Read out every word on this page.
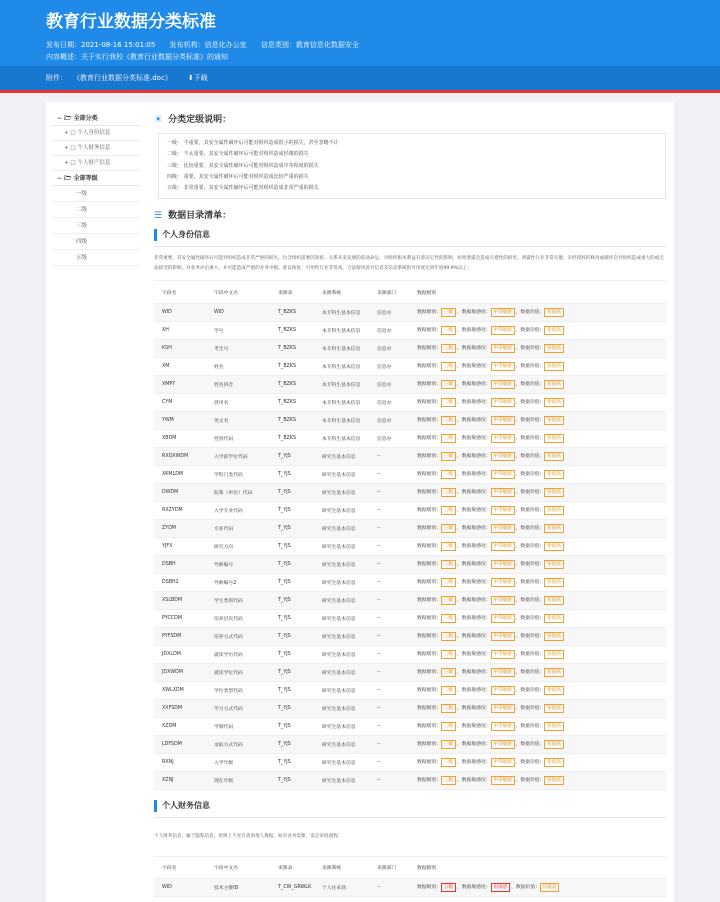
教育行业数据分类标准
发布日期：2021-08-16 15:01:05 发布机构：信息化办公室 信息类别：教育信息化数据安全
内容概述：关于实行我校《教育行业数据分类标准》的通知
附件： 《教育行业数据分类标准.doc》 ⬇下载
− 🗁 全部分类
+ □ 个人身份信息
+ □ 个人财务信息
+ □ 个人财产信息
− 🗁 全部等级
一级
二级
三级
四级
五级
☀ 分类定级说明：
一级： 不重要，其安全属性破坏后可能对组织造成很小的损失，甚至忽略不计
二级： 不太重要，其安全属性破坏后可能对组织造成轻微的损失
三级： 比较重要，其安全属性破坏后可能对组织造成中等程度的损失
四级： 重要，其安全属性破坏后可能对组织造成比较严重的损失
五级： 非常重要，其安全属性破坏后可能对组织造成非常严重的损失
☰ 数据目录清单：
个人身份信息
非常重要，其安全属性破坏后可能对组织造成非常严重的损失。包含组织需要的知密、关系未来发展的前途命运、对组织根本利益有着决定性的影响，如果泄露会造成灾难性的损害。泄露性行业非常关键，未经授权的修改或破坏会对组织造成重大的或无法接受的影响，对业务冲击重大，并可能造成严重的业务中断。难以恢复；可用性行业非常高，合法使用者对信息及信息系统的可用度达到年度99.9%以上；
字段名	字段中文名	来源表	来源系统	来源部门	数据级别
WID	WID	T_BZKS	本专科生基本信息	信息办	数据级别： 三级 ，数据敏感度： 中等敏感 ，数据价值： 价值高
XH	学号	T_BZKS	本专科生基本信息	信息办	数据级别： 三级 ，数据敏感度： 中等敏感 ，数据价值： 价值高
KSH	考生号	T_BZKS	本专科生基本信息	信息办	数据级别： 三级 ，数据敏感度： 中等敏感 ，数据价值： 价值高
XM	姓名	T_BZKS	本专科生基本信息	信息办	数据级别： 三级 ，数据敏感度： 中等敏感 ，数据价值： 价值高
XMPY	姓名拼音	T_BZKS	本专科生基本信息	信息办	数据级别： 三级 ，数据敏感度： 中等敏感 ，数据价值： 价值高
CYM	曾用名	T_BZKS	本专科生基本信息	信息办	数据级别： 三级 ，数据敏感度： 中等敏感 ，数据价值： 价值高
YWM	英文名	T_BZKS	本专科生基本信息	信息办	数据级别： 三级 ，数据敏感度： 中等敏感 ，数据价值： 价值高
XBDM	性别代码	T_BZKS	本专科生基本信息	信息办	数据级别： 三级 ，数据敏感度： 中等敏感 ，数据价值： 价值高
RXQXWDM	入学前学位代码	T_YJS	研究生基本信息	--	数据级别： 三级 ，数据敏感度： 中等敏感 ，数据价值： 价值高
XKMLDM	学科门类代码	T_YJS	研究生基本信息	--	数据级别： 三级 ，数据敏感度： 中等敏感 ，数据价值： 价值高
DWDM	院系（单位）代码	T_YJS	研究生基本信息	--	数据级别： 三级 ，数据敏感度： 中等敏感 ，数据价值： 价值高
RXZYDM	入学专业代码	T_YJS	研究生基本信息	--	数据级别： 三级 ，数据敏感度： 中等敏感 ，数据价值： 价值高
ZYDM	专业代码	T_YJS	研究生基本信息	--	数据级别： 三级 ，数据敏感度： 中等敏感 ，数据价值： 价值高
YJFX	研究方向	T_YJS	研究生基本信息	--	数据级别： 三级 ，数据敏感度： 中等敏感 ，数据价值： 价值高
DSBH	导师编号	T_YJS	研究生基本信息	--	数据级别： 三级 ，数据敏感度： 中等敏感 ，数据价值： 价值高
DSBH2	导师编号2	T_YJS	研究生基本信息	--	数据级别： 三级 ，数据敏感度： 中等敏感 ，数据价值： 价值高
XSLBDM	学生类别代码	T_YJS	研究生基本信息	--	数据级别： 三级 ，数据敏感度： 中等敏感 ，数据价值： 价值高
PYCCDM	培养层次代码	T_YJS	研究生基本信息	--	数据级别： 三级 ，数据敏感度： 中等敏感 ，数据价值： 价值高
PYFSDM	培养方式代码	T_YJS	研究生基本信息	--	数据级别： 三级 ，数据敏感度： 中等敏感 ，数据价值： 价值高
JDXLDM	就读学历代码	T_YJS	研究生基本信息	--	数据级别： 三级 ，数据敏感度： 中等敏感 ，数据价值： 价值高
JDXWDM	就读学位代码	T_YJS	研究生基本信息	--	数据级别： 三级 ，数据敏感度： 中等敏感 ，数据价值： 价值高
XWLXDM	学位类型代码	T_YJS	研究生基本信息	--	数据级别： 三级 ，数据敏感度： 中等敏感 ，数据价值： 价值高
XXFSDM	学习方式代码	T_YJS	研究生基本信息	--	数据级别： 三级 ，数据敏感度： 中等敏感 ，数据价值： 价值高
XZDM	学制代码	T_YJS	研究生基本信息	--	数据级别： 三级 ，数据敏感度： 中等敏感 ，数据价值： 价值高
LDFSDM	录取方式代码	T_YJS	研究生基本信息	--	数据级别： 三级 ，数据敏感度： 中等敏感 ，数据价值： 价值高
RXNJ	入学年级	T_YJS	研究生基本信息	--	数据级别： 三级 ，数据敏感度： 中等敏感 ，数据价值： 价值高
XZNJ	现在年级	T_YJS	研究生基本信息	--	数据级别： 三级 ，数据敏感度： 中等敏感 ，数据价值： 价值高
个人财务信息
个人财务信息，属于隐私信息，原则上不允许查询他人数据，如有业务需要，需走审批流程；
字段名	字段中文名	来源表	来源系统	来源部门	数据级别
WID	技术主键ID	T_CW_GRWLK	个人往来款	--	数据级别： 五级 ，数据敏感度： 很敏感 ，数据价值： 价值高
